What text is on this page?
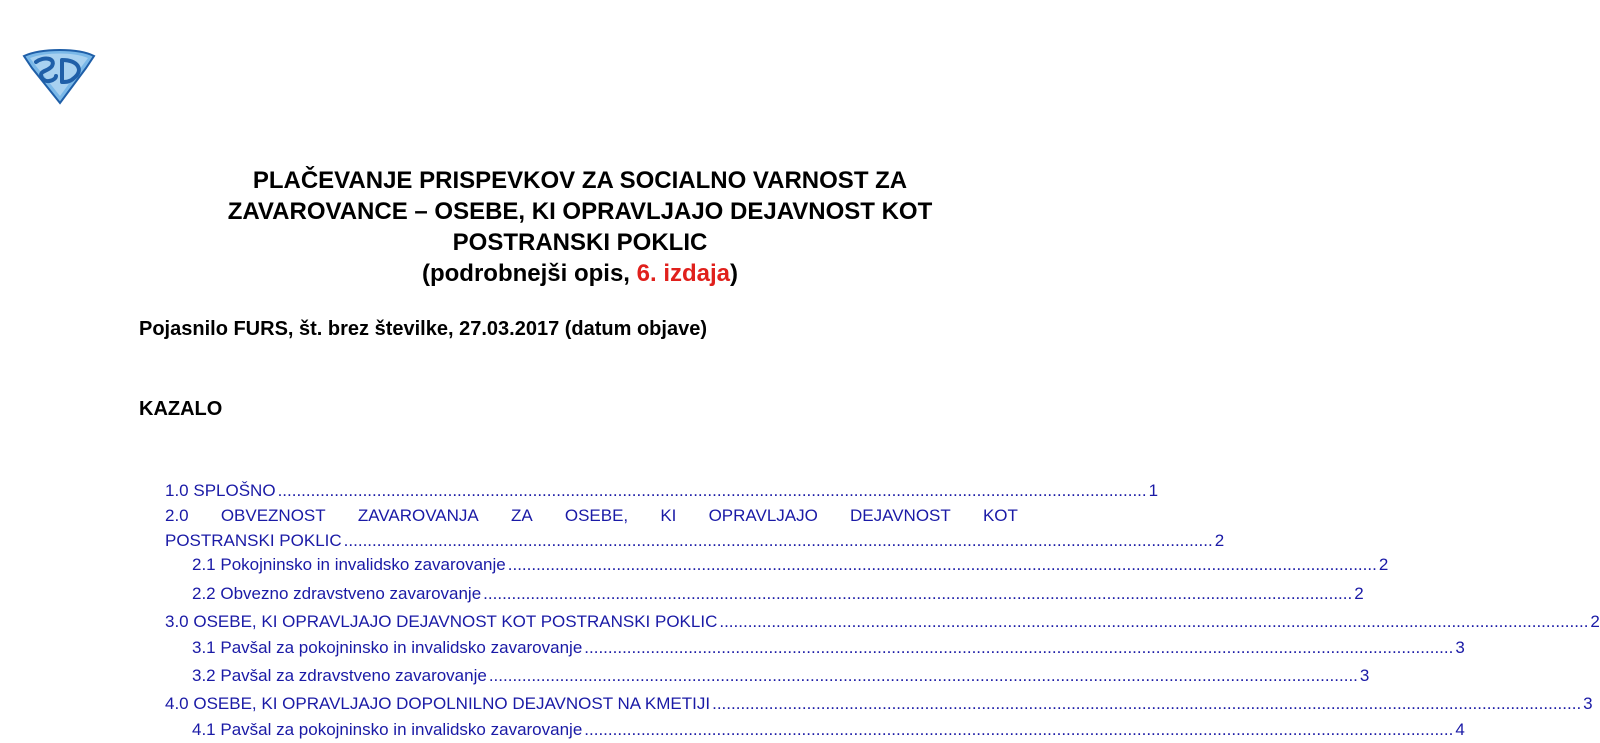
PLAČEVANJE PRISPEVKOV ZA SOCIALNO VARNOST ZA
ZAVAROVANCE – OSEBE, KI OPRAVLJAJO DEJAVNOST KOT
POSTRANSKI POKLIC
(podrobnejši opis, 6. izdaja)
Pojasnilo FURS, št. brez številke, 27.03.2017 (datum objave)
KAZALO
1.0 SPLOŠNO ........................................................................................................................................................................................ 1
2.0 OBVEZNOST ZAVAROVANJA ZA OSEBE, KI OPRAVLJAJO DEJAVNOST KOT
POSTRANSKI POKLIC ........................................................................................................................................................................................ 2
2.1 Pokojninsko in invalidsko zavarovanje ........................................................................................................................................................................................ 2
2.2 Obvezno zdravstveno zavarovanje ........................................................................................................................................................................................ 2
3.0 OSEBE, KI OPRAVLJAJO DEJAVNOST KOT POSTRANSKI POKLIC ........................................................................................................................................................................................ 2
3.1 Pavšal za pokojninsko in invalidsko zavarovanje ........................................................................................................................................................................................ 3
3.2 Pavšal za zdravstveno zavarovanje ........................................................................................................................................................................................ 3
4.0 OSEBE, KI OPRAVLJAJO DOPOLNILNO DEJAVNOST NA KMETIJI ........................................................................................................................................................................................ 3
4.1 Pavšal za pokojninsko in invalidsko zavarovanje ........................................................................................................................................................................................ 4
